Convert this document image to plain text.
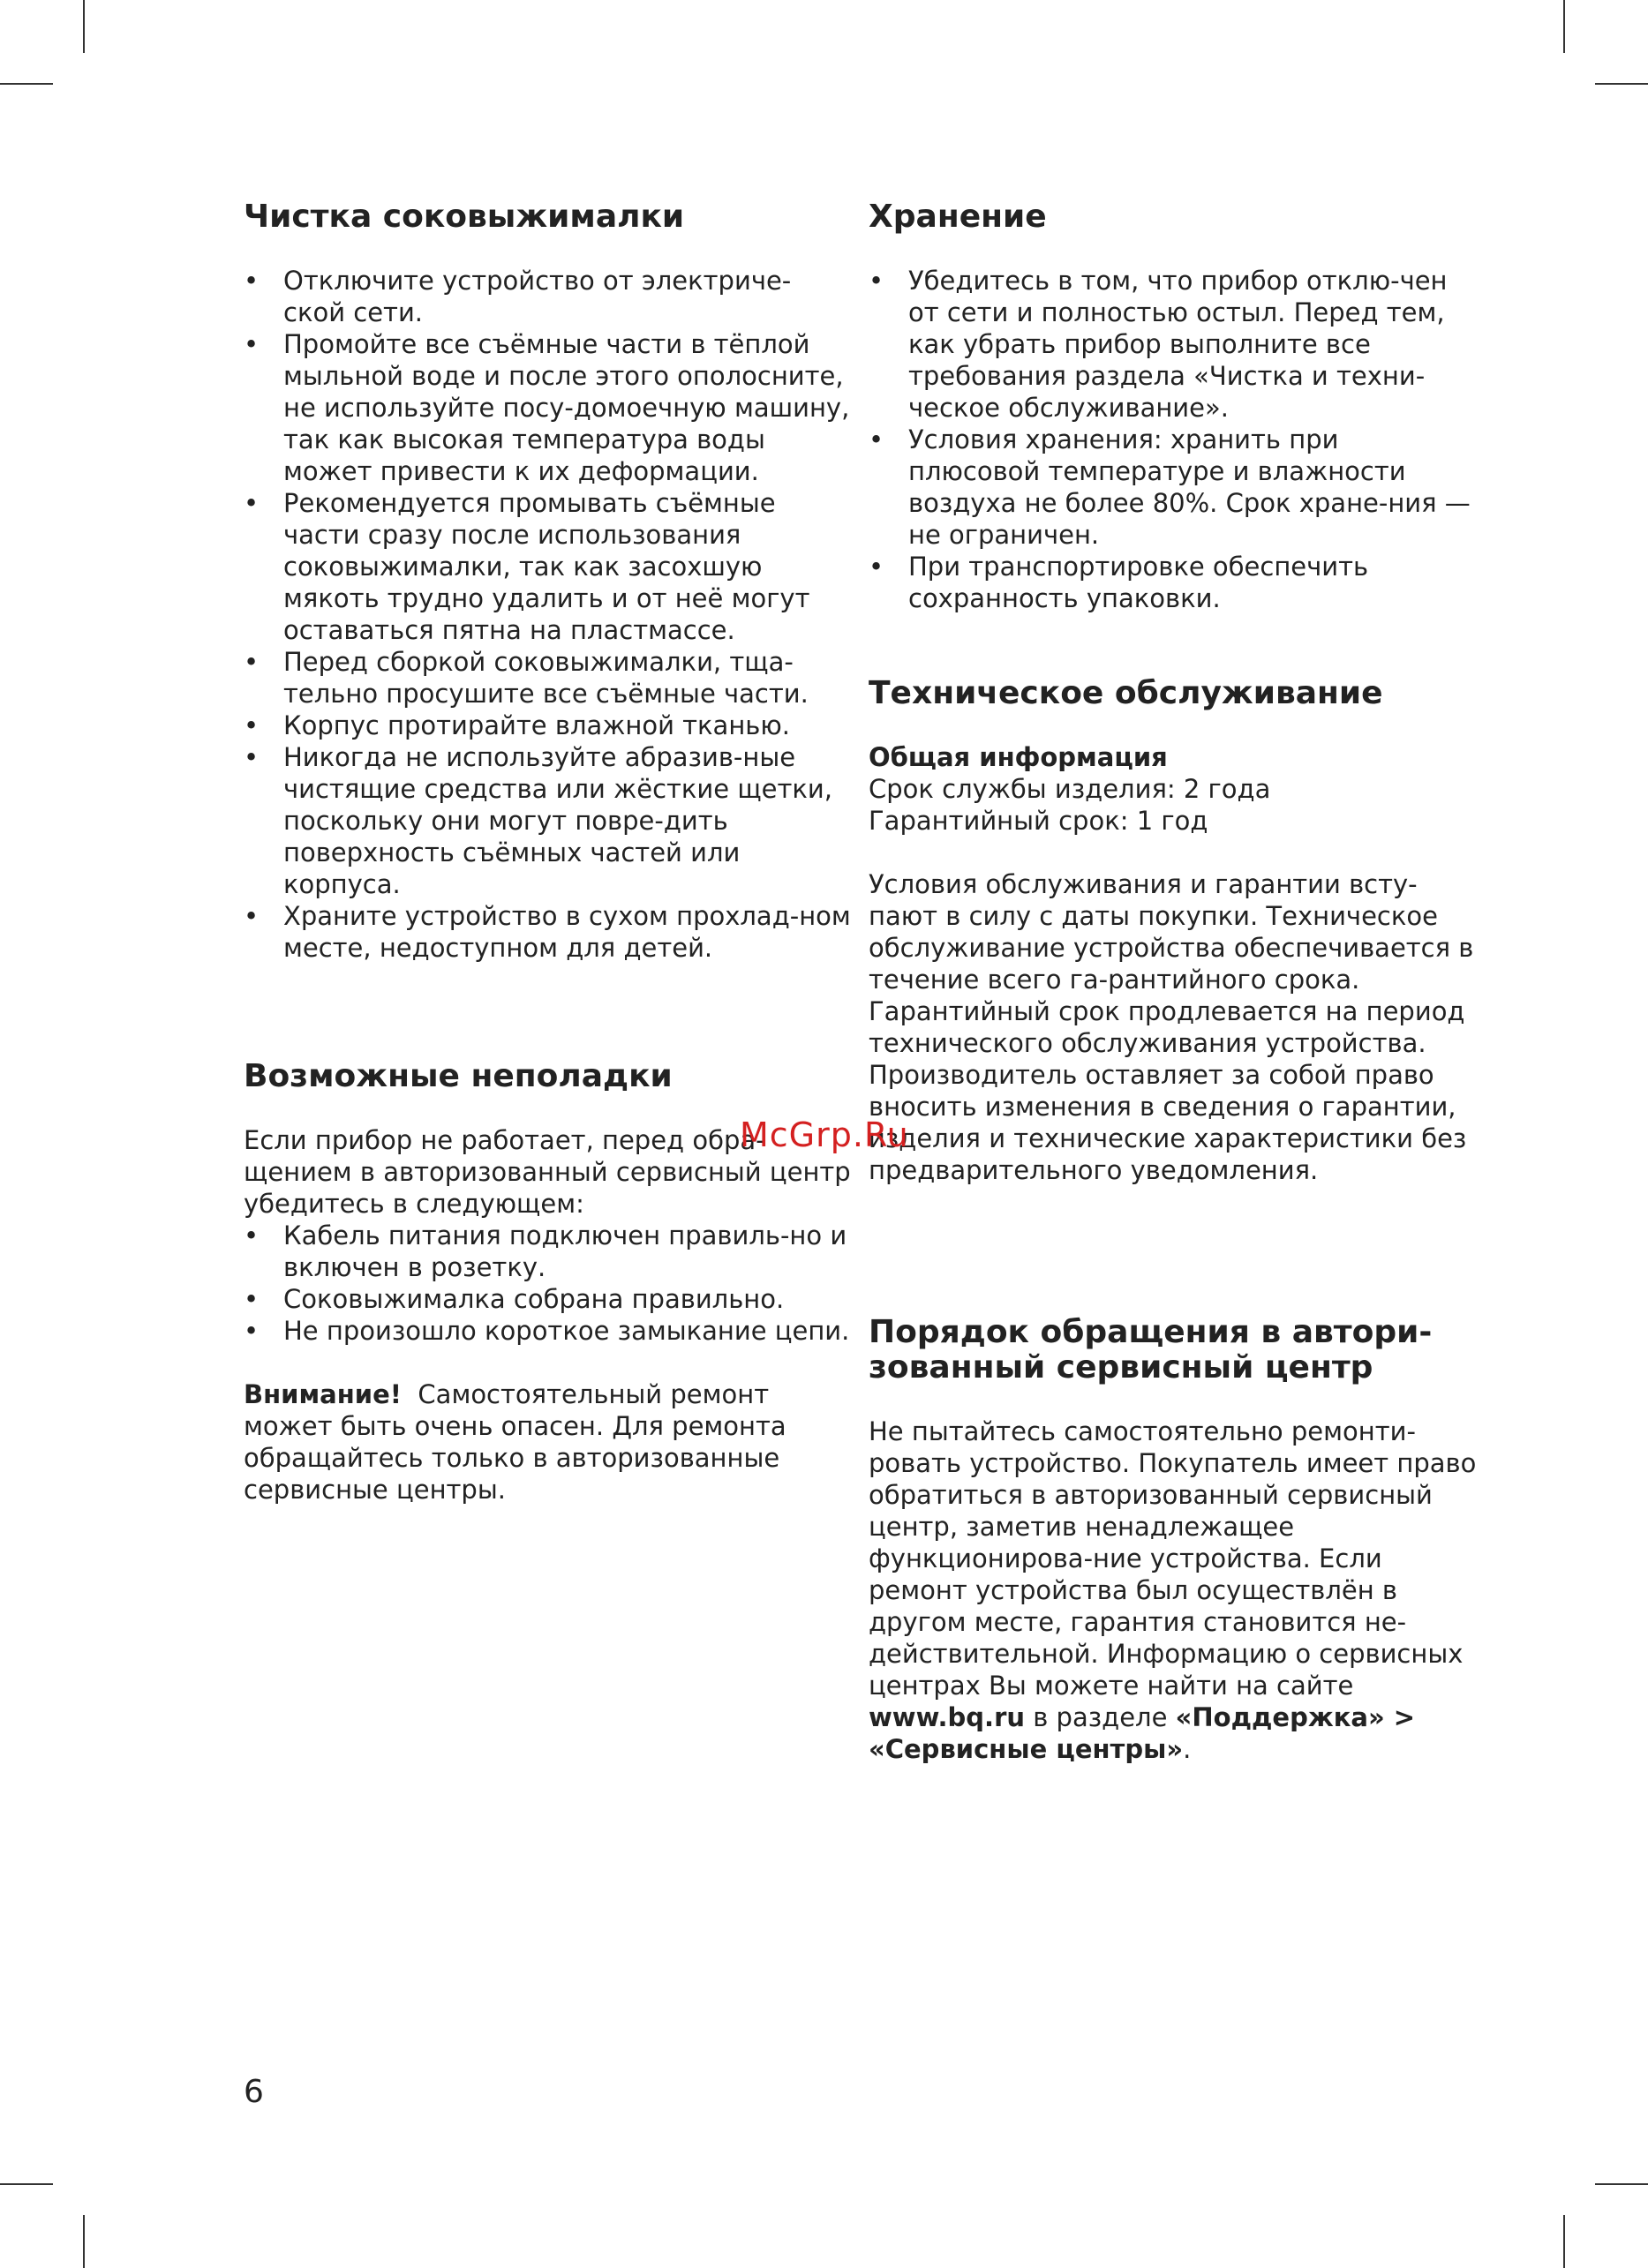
Чистка соковыжималки
• Отключите устройство от электриче-ской сети.
• Промойте все съёмные части в тёплой мыльной воде и после этого ополосните, не используйте посу-домоечную машину, так как высокая температура воды может привести к их деформации.
• Рекомендуется промывать съёмные части сразу после использования соковыжималки, так как засохшую мякоть трудно удалить и от неё могут оставаться пятна на пластмассе.
• Перед сборкой соковыжималки, тща-тельно просушите все съёмные части.
• Корпус протирайте влажной тканью.
• Никогда не используйте абразив-ные чистящие средства или жёсткие щетки, поскольку они могут повре-дить поверхность съёмных частей или корпуса.
• Храните устройство в сухом прохлад-ном месте, недоступном для детей.
Возможные неполадки

Если прибор не работает, перед обра-щением в авторизованный сервисный центр убедитесь в следующем:

• Кабель питания подключен правиль-но и включен в розетку.
• Соковыжималка собрана правильно.
• Не произошло короткое замыкание цепи.

Внимание! Самостоятельный ремонт может быть очень опасен. Для ремонта обращайтесь только в авторизованные сервисные центры.

Хранение
• Убедитесь в том, что прибор отклю-чен от сети и полностью остыл. Перед тем, как убрать прибор выполните все требования раздела «Чистка и техни-ческое обслуживание».
• Условия хранения: хранить при плюсовой температуре и влажности воздуха не более 80%. Срок хране-ния — не ограничен.
• При транспортировке обеспечить сохранность упаковки.
Техническое обслуживание

Общая информация

Срок службы изделия: 2 года

Гарантийный срок: 1 год

Условия обслуживания и гарантии всту-пают в силу с даты покупки. Техническое обслуживание устройства обеспечивается в течение всего га-рантийного срока. Гарантийный срок продлевается на период технического обслуживания устройства. Производитель оставляет за собой право вносить изменения в сведения о гарантии, изделия и технические характеристики без предварительного уведомления.

Порядок обращения в автори-зованный сервисный центр

Не пытайтесь самостоятельно ремонти-ровать устройство. Покупатель имеет право обратиться в авторизованный сервисный центр, заметив ненадлежащее функционирова-ние устройства. Если ремонт устройства был осуществлён в другом месте, гарантия становится не-действительной. Информацию о сервисных центрах Вы можете найти на сайте www.bq.ru в разделе «Поддержка» > «Сервисные центры».

McGrp.Ru
6
